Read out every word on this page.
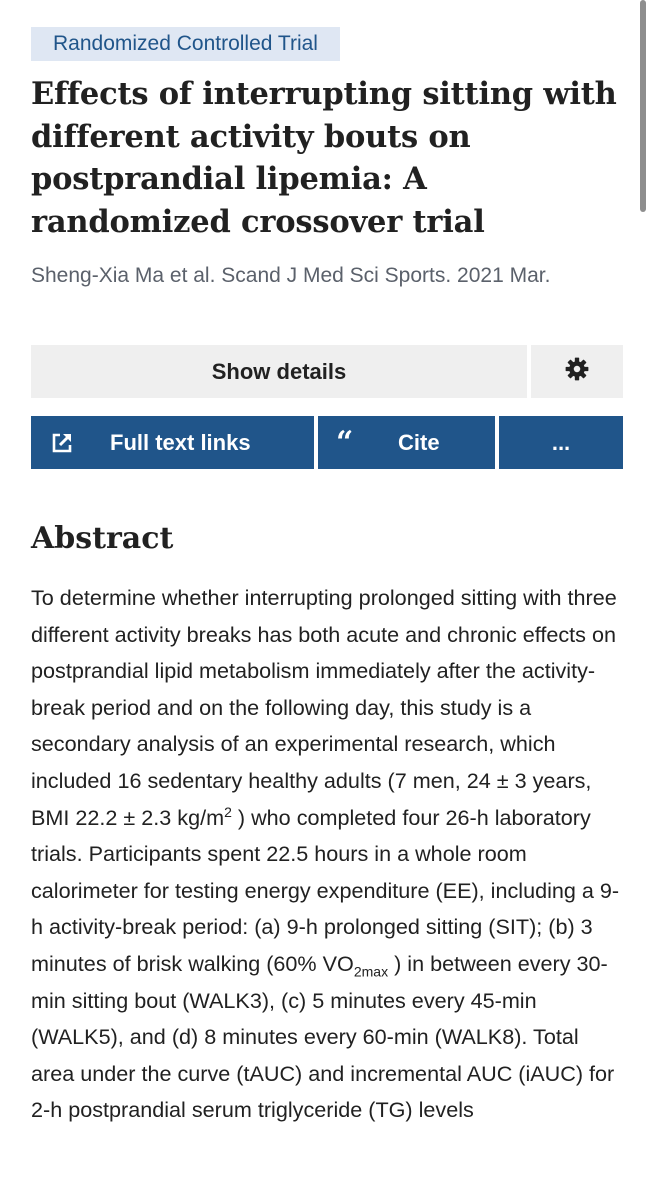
Randomized Controlled Trial
Effects of interrupting sitting with different activity bouts on postprandial lipemia: A randomized crossover trial

Sheng-Xia Ma et al. Scand J Med Sci Sports. 2021 Mar.

Show details
Full text links	“ Cite	...
Abstract

To determine whether interrupting prolonged sitting with three different activity breaks has both acute and chronic effects on postprandial lipid metabolism immediately after the activity-break period and on the following day, this study is a secondary analysis of an experimental research, which included 16 sedentary healthy adults (7 men, 24 ± 3 years, BMI 22.2 ± 2.3 $kg/m^2$ ) who completed four 26-h laboratory trials. Participants spent 22.5 hours in a whole room calorimeter for testing energy expenditure (EE), including a 9-h activity-break period: (a) 9-h prolonged sitting (SIT); (b) 3 minutes of brisk walking (60% $VO_{2max}$ ) in between every 30-min sitting bout (WALK3), (c) 5 minutes every 45-min (WALK5), and (d) 8 minutes every 60-min (WALK8). Total area under the curve (tAUC) and incremental AUC (iAUC) for 2-h postprandial serum triglyceride (TG) levels
